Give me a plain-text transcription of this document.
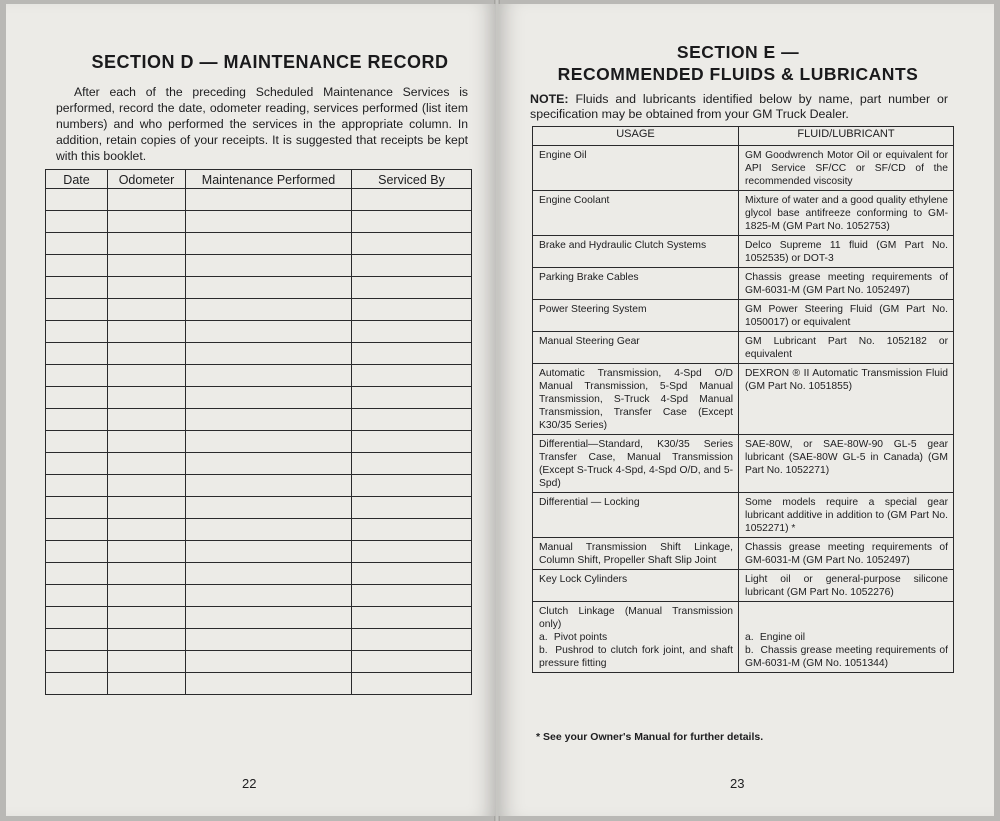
SECTION D — MAINTENANCE RECORD

After each of the preceding Scheduled Maintenance Services is performed, record the date, odometer reading, services performed (list item numbers) and who performed the services in the appropriate column. In addition, retain copies of your receipts. It is suggested that receipts be kept with this booklet.

Date	Odometer	Maintenance Performed	Serviced By

22
SECTION E —
RECOMMENDED FLUIDS & LUBRICANTS

NOTE: Fluids and lubricants identified below by name, part number or specification may be obtained from your GM Truck Dealer.

USAGE	FLUID/LUBRICANT
Engine Oil	GM Goodwrench Motor Oil or equivalent for API Service SF/CC or SF/CD of the recommended viscosity
Engine Coolant	Mixture of water and a good quality ethylene glycol base antifreeze conforming to GM-1825-M (GM Part No. 1052753)
Brake and Hydraulic Clutch Systems	Delco Supreme 11 fluid (GM Part No. 1052535) or DOT-3
Parking Brake Cables	Chassis grease meeting requirements of GM-6031-M (GM Part No. 1052497)
Power Steering System	GM Power Steering Fluid (GM Part No. 1050017) or equivalent
Manual Steering Gear	GM Lubricant Part No. 1052182 or equivalent
Automatic Transmission, 4-Spd O/D Manual Transmission, 5-Spd Manual Transmission, S-Truck 4-Spd Manual Transmission, Transfer Case (Except K30/35 Series)	DEXRON ® II Automatic Transmission Fluid (GM Part No. 1051855)
Differential—Standard, K30/35 Series Transfer Case, Manual Transmission (Except S-Truck 4-Spd, 4-Spd O/D, and 5-Spd)	SAE-80W, or SAE-80W-90 GL-5 gear lubricant (SAE-80W GL-5 in Canada) (GM Part No. 1052271)
Differential — Locking	Some models require a special gear lubricant additive in addition to (GM Part No. 1052271) *
Manual Transmission Shift Linkage, Column Shift, Propeller Shaft Slip Joint	Chassis grease meeting requirements of GM-6031-M (GM Part No. 1052497)
Key Lock Cylinders	Light oil or general-purpose silicone lubricant (GM Part No. 1052276)

Clutch Linkage (Manual Transmission only)
a. Pivot points
b. Pushrod to clutch fork joint, and shaft pressure fitting	a. Engine oil
b. Chassis grease meeting requirements of GM-6031-M (GM No. 1051344)
* See your Owner's Manual for further details.
23
